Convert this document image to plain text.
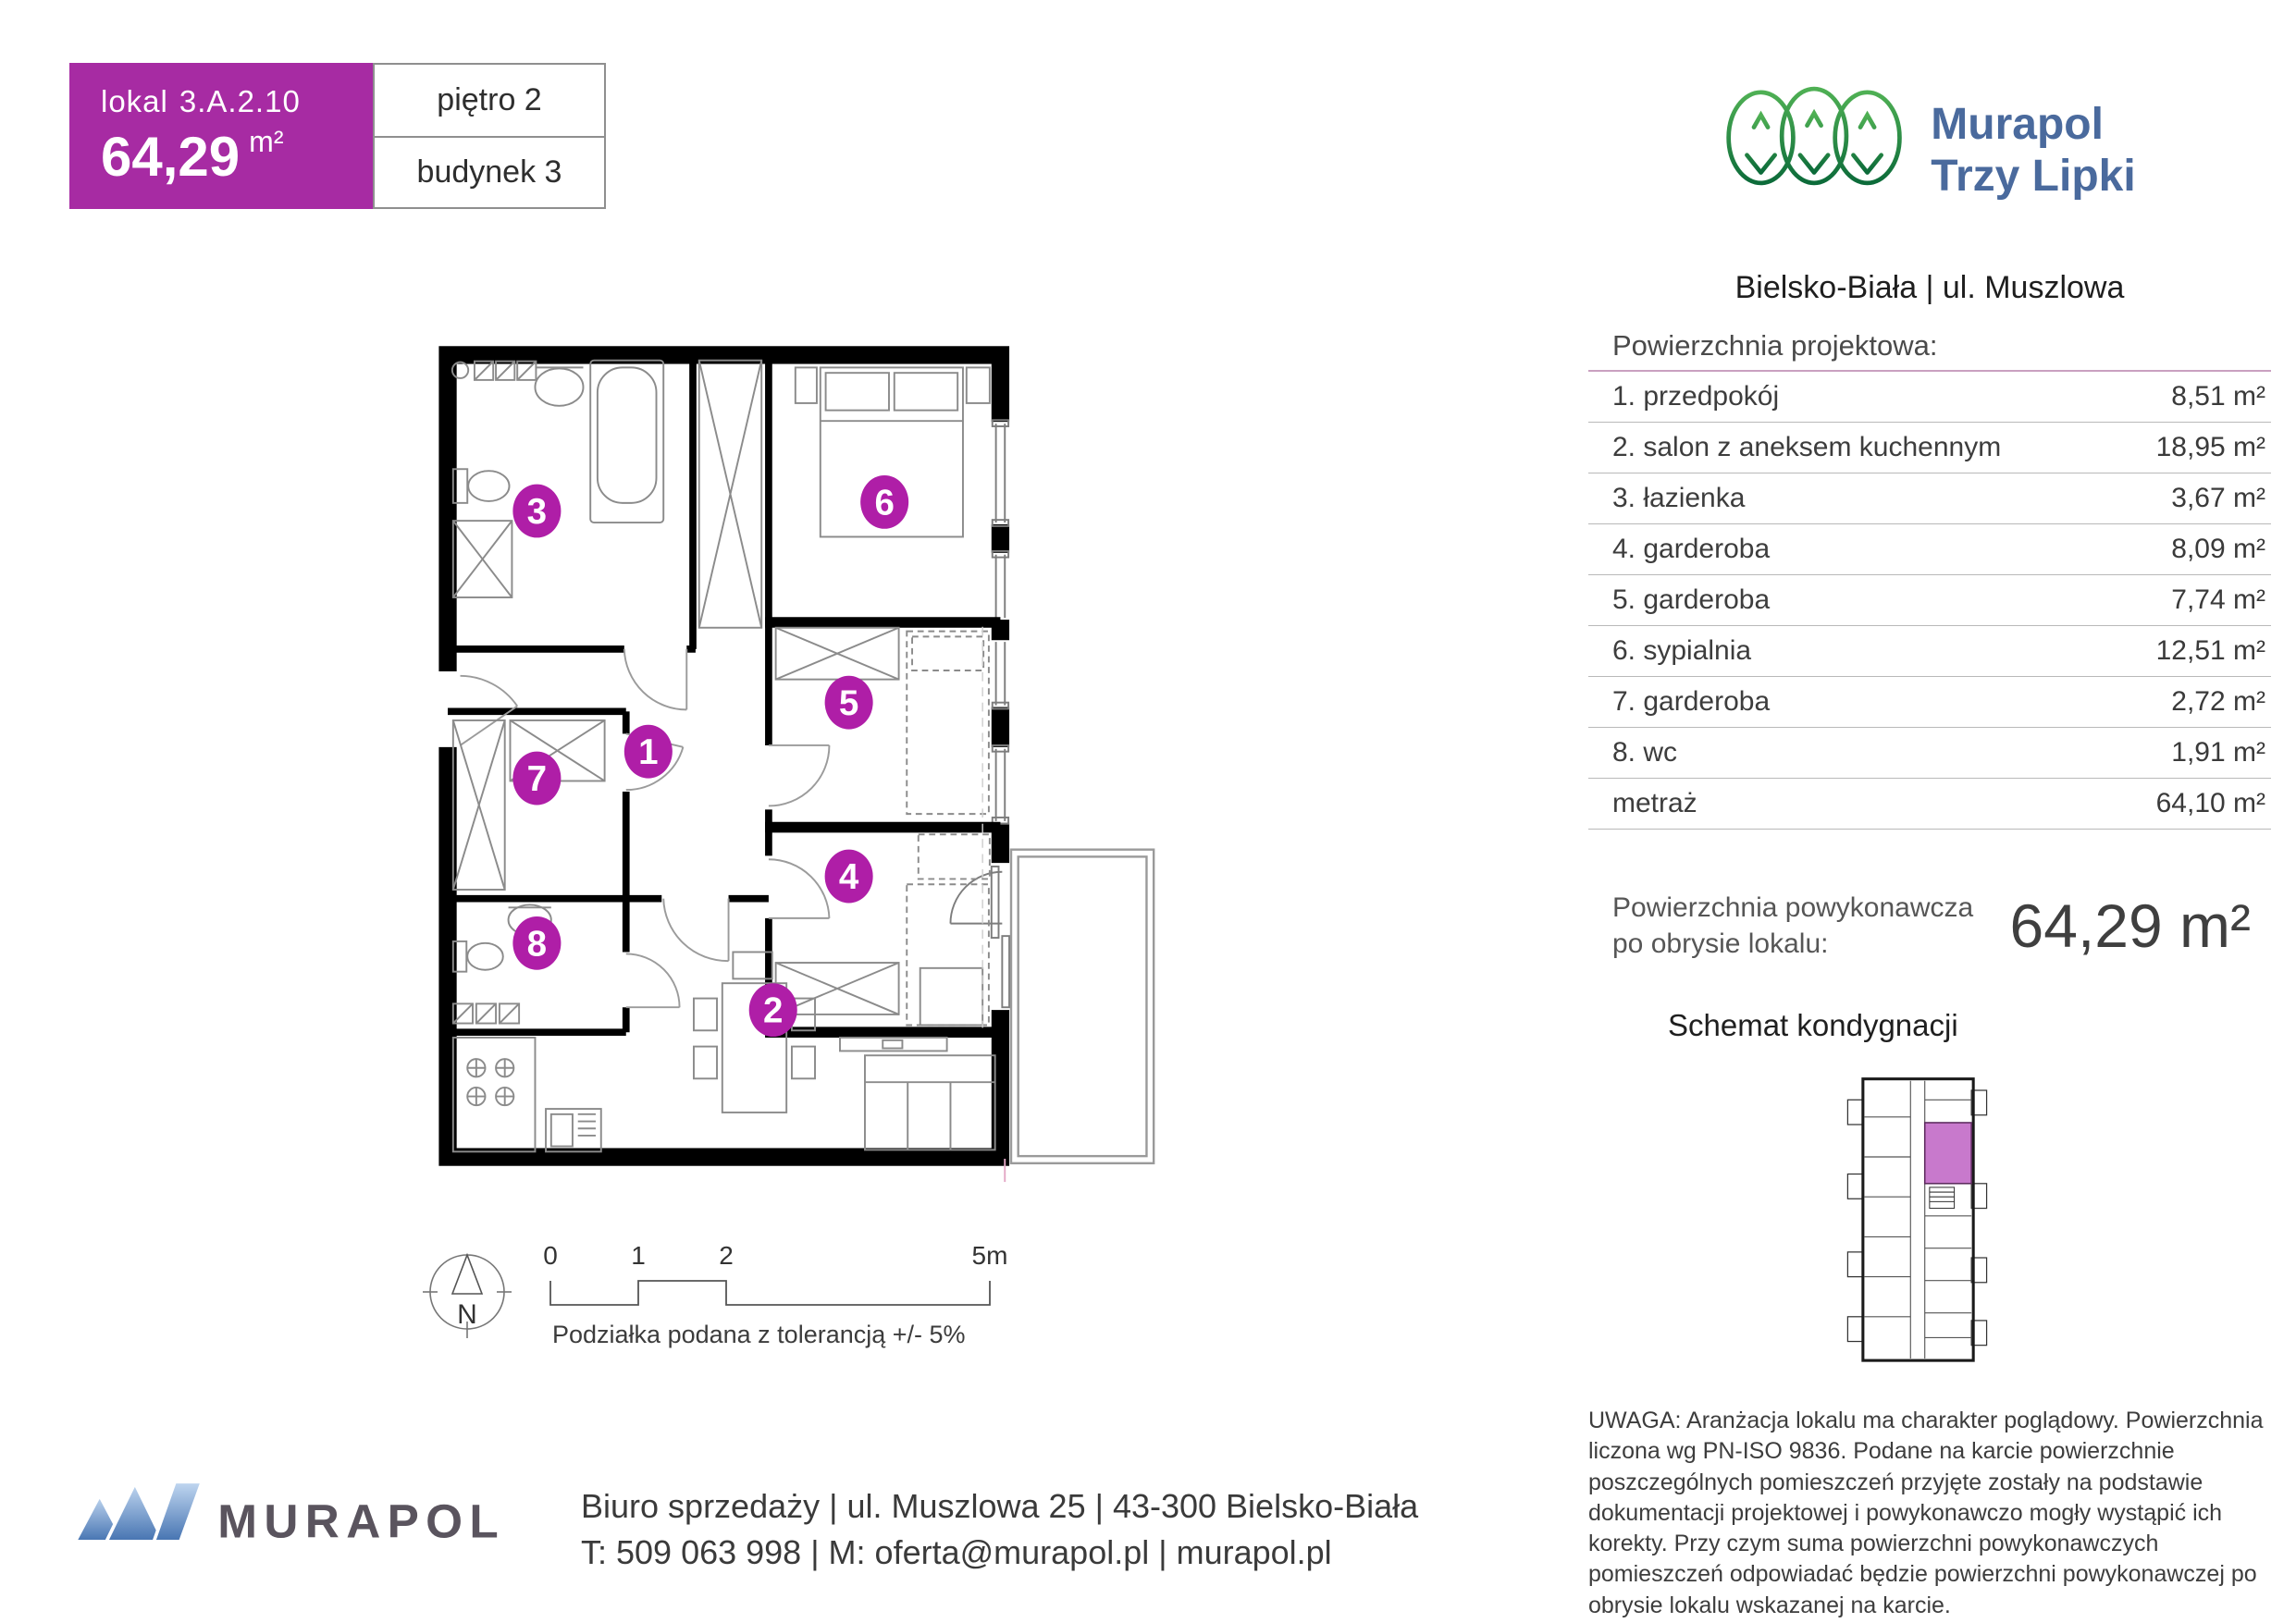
lokal 3.A.2.10
64,29 $^{m^2}$
piętro 2
budynek 3
3	6
1
5
7
4
8
2
N
0	1	2	5m
Podziałka podana z tolerancją +/- 5%
Murapol
Trzy Lipki
Bielsko-Biała | ul. Muszlowa
Powierzchnia projektowa:
1. przedpokój	8,51 m²
2. salon z aneksem kuchennym	18,95 m²
3. łazienka	3,67 m²
4. garderoba	8,09 m²
5. garderoba	7,74 m²
6. sypialnia	12,51 m²
7. garderoba	2,72 m²
8. wc	1,91 m²
metraż	64,10 m²
Powierzchnia powykonawcza
po obrysie lokalu:	64,29 m²
Schemat kondygnacji
UWAGA: Aranżacja lokalu ma charakter poglądowy. Powierzchnia liczona wg PN-ISO 9836. Podane na karcie powierzchnie poszczególnych pomieszczeń przyjęte zostały na podstawie dokumentacji projektowej i powykonawczo mogły wystąpić ich korekty. Przy czym suma powierzchni powykonawczych pomieszczeń odpowiadać będzie powierzchni powykonawczej po obrysie lokalu wskazanej na karcie.
MURAPOL Biuro sprzedaży | ul. Muszlowa 25 | 43-300 Bielsko-Biała
T: 509 063 998 | M: oferta@murapol.pl | murapol.pl
